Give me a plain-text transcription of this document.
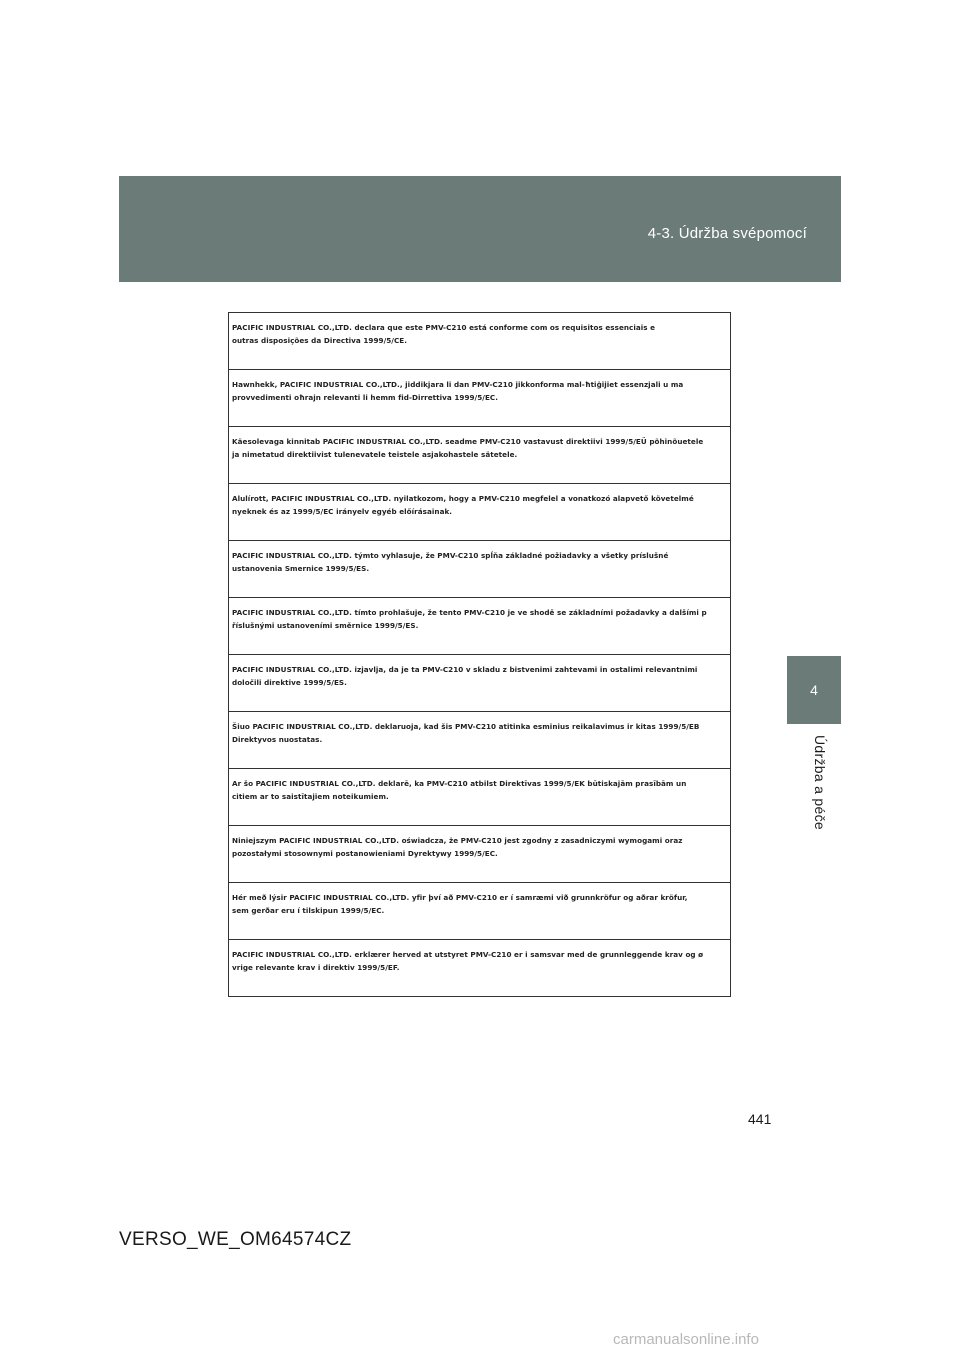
4-3. Údržba svépomocí
4
Údržba a péče
PACIFIC INDUSTRIAL CO.,LTD. declara que este PMV-C210 está conforme com os requisitos essenciais e
outras disposições da Directiva 1999/5/CE.
Hawnhekk, PACIFIC INDUSTRIAL CO.,LTD., jiddikjara li dan PMV-C210 jikkonforma mal-ħtiġijiet essenzjali u ma
provvedimenti oħrajn relevanti li hemm fid-Dirrettiva 1999/5/EC.
Käesolevaga kinnitab PACIFIC INDUSTRIAL CO.,LTD. seadme PMV-C210 vastavust direktiivi 1999/5/EÜ põhinõuetele
ja nimetatud direktiivist tulenevatele teistele asjakohastele sätetele.
Alulírott, PACIFIC INDUSTRIAL CO.,LTD. nyilatkozom, hogy a PMV-C210 megfelel a vonatkozó alapvető követelmé
nyeknek és az 1999/5/EC irányelv egyéb előírásainak.
PACIFIC INDUSTRIAL CO.,LTD. týmto vyhlasuje, že PMV-C210 spĺňa základné požiadavky a všetky príslušné
ustanovenia Smernice 1999/5/ES.
PACIFIC INDUSTRIAL CO.,LTD. tímto prohlašuje, že tento PMV-C210 je ve shodě se základními požadavky a dalšími p
říslušnými ustanoveními směrnice 1999/5/ES.
PACIFIC INDUSTRIAL CO.,LTD. izjavlja, da je ta PMV-C210 v skladu z bistvenimi zahtevami in ostalimi relevantnimi
določili direktive 1999/5/ES.
Šiuo PACIFIC INDUSTRIAL CO.,LTD. deklaruoja, kad šis PMV-C210 atitinka esminius reikalavimus ir kitas 1999/5/EB
Direktyvos nuostatas.
Ar šo PACIFIC INDUSTRIAL CO.,LTD. deklarē, ka PMV-C210 atbilst Direktīvas 1999/5/EK būtiskajām prasībām un
citiem ar to saistītajiem noteikumiem.
Niniejszym PACIFIC INDUSTRIAL CO.,LTD. oświadcza, że PMV-C210 jest zgodny z zasadniczymi wymogami oraz
pozostałymi stosownymi postanowieniami Dyrektywy 1999/5/EC.
Hér með lýsir PACIFIC INDUSTRIAL CO.,LTD. yfir því að PMV-C210 er í samræmi við grunnkröfur og aðrar kröfur,
sem gerðar eru í tilskipun 1999/5/EC.
PACIFIC INDUSTRIAL CO.,LTD. erklærer herved at utstyret PMV-C210 er i samsvar med de grunnleggende krav og ø
vrige relevante krav i direktiv 1999/5/EF.
441
VERSO_WE_OM64574CZ
carmanualsonline.info
